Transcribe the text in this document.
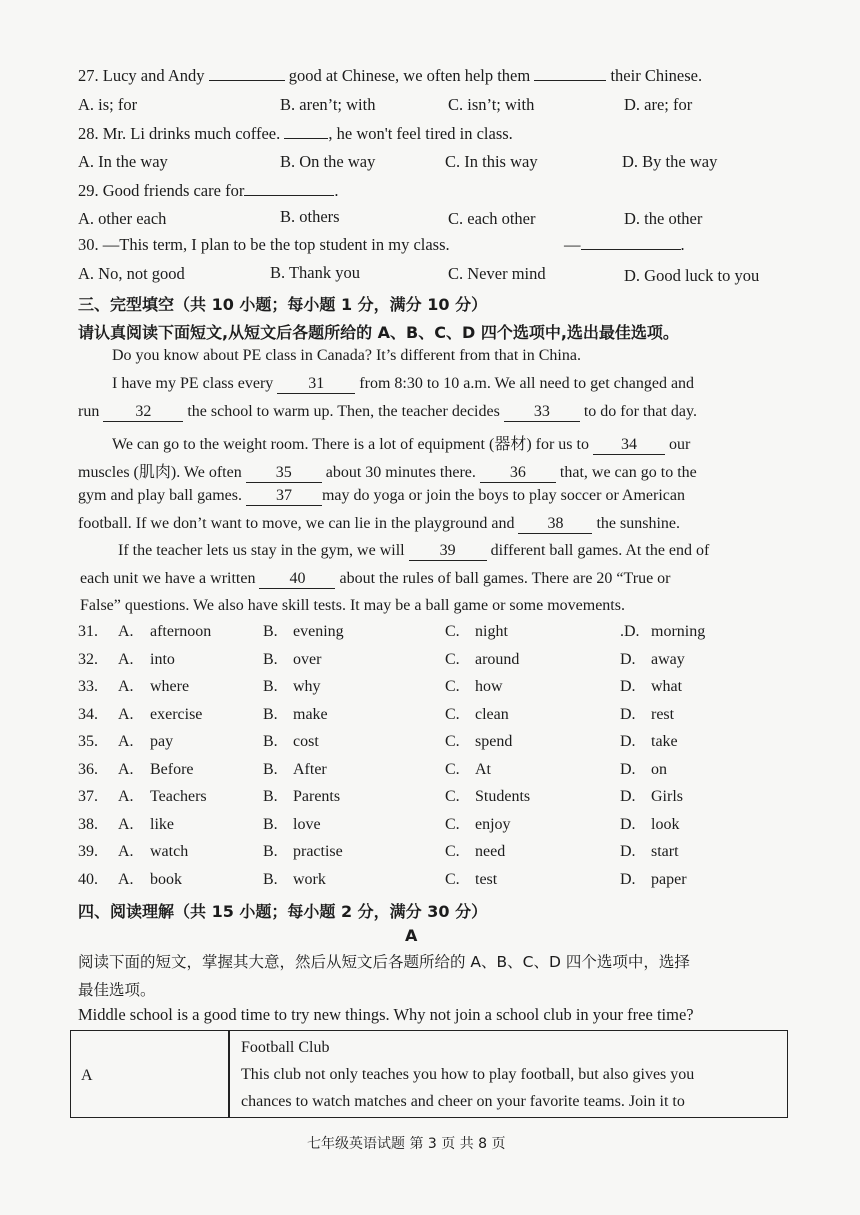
27. Lucy and Andy	good at Chinese, we often help them	their Chinese.
A. is; for	B. aren’t; with	C. isn’t; with	D. are; for
28. Mr. Li drinks much coffee.	, he won't feel tired in class.
A. In the way	B. On the way	C. In this way	D. By the way
29. Good friends care for	.
A. other each	B. others	C. each other	D. the other
30. —This term, I plan to be the top student in my class.	—	.
A. No, not good	B. Thank you	C. Never mind	D. Good luck to you
三、完型填空（共 10 小题；每小题 1 分，满分 10 分）
请认真阅读下面短文,从短文后各题所给的 A、B、C、D 四个选项中,选出最佳选项。
Do you know about PE class in Canada? It’s different from that in China.
I have my PE class every 31 from 8:30 to 10 a.m. We all need to get changed and
run 32 the school to warm up. Then, the teacher decides 33 to do for that day.
We can go to the weight room. There is a lot of equipment (器材) for us to 34 our
muscles (肌肉). We often 35 about 30 minutes there. 36 that, we can go to the
gym and play ball games. 37 may do yoga or join the boys to play soccer or American
football. If we don’t want to move, we can lie in the playground and 38 the sunshine.
If the teacher lets us stay in the gym, we will 39 different ball games. At the end of
each unit we have a written 40 about the rules of ball games. There are 20 “True or
False” questions. We also have skill tests. It may be a ball game or some movements.
31. A. afternoon	B. evening	C. night	.D. morning
32. A. into	B. over	C. around	D. away
33. A. where	B. why	C. how	D. what
34. A. exercise	B. make	C. clean	D. rest
35. A. pay	B. cost	C. spend	D. take
36. A. Before	B. After	C. At	D. on
37. A. Teachers	B. Parents	C. Students	D. Girls
38. A. like	B. love	C. enjoy	D. look
39. A. watch	B. practise	C. need	D. start
40. A. book	B. work	C. test	D. paper
四、阅读理解（共 15 小题；每小题 2 分，满分 30 分）
A
阅读下面的短文，掌握其大意，然后从短文后各题所给的 A、B、C、D 四个选项中，选择
最佳选项。
Middle school is a good time to try new things. Why not join a school club in your free time?
A
Football Club
This club not only teaches you how to play football, but also gives you
chances to watch matches and cheer on your favorite teams. Join it to
七年级英语试题 第 3 页 共 8 页
